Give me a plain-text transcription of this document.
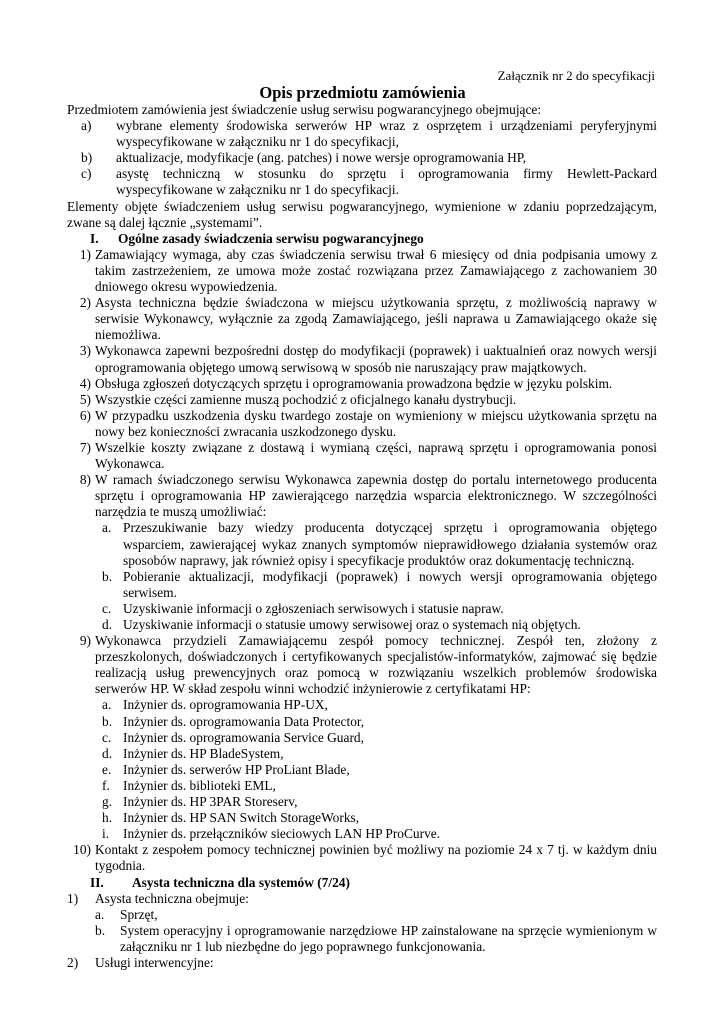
Załącznik nr 2 do specyfikacji
Opis przedmiotu zamówienia

Przedmiotem zamówienia jest świadczenie usług serwisu pogwarancyjnego obejmujące:

a) wybrane elementy środowiska serwerów HP wraz z osprzętem i urządzeniami peryferyjnymi wyspecyfikowane w załączniku nr 1 do specyfikacji,
b) aktualizacje, modyfikacje (ang. patches) i nowe wersje oprogramowania HP,
c) asystę techniczną w stosunku do sprzętu i oprogramowania firmy Hewlett-Packard wyspecyfikowane w załączniku nr 1 do specyfikacji.

Elementy objęte świadczeniem usług serwisu pogwarancyjnego, wymienione w zdaniu poprzedzającym, zwane są dalej łącznie „systemami”.

I. Ogólne zasady świadczenia serwisu pogwarancyjnego
1) Zamawiający wymaga, aby czas świadczenia serwisu trwał 6 miesięcy od dnia podpisania umowy z takim zastrzeżeniem, ze umowa może zostać rozwiązana przez Zamawiającego z zachowaniem 30 dniowego okresu wypowiedzenia.
2) Asysta techniczna będzie świadczona w miejscu użytkowania sprzętu, z możliwością naprawy w serwisie Wykonawcy, wyłącznie za zgodą Zamawiającego, jeśli naprawa u Zamawiającego okaże się niemożliwa.
3) Wykonawca zapewni bezpośredni dostęp do modyfikacji (poprawek) i uaktualnień oraz nowych wersji oprogramowania objętego umową serwisową w sposób nie naruszający praw majątkowych.
4) Obsługa zgłoszeń dotyczących sprzętu i oprogramowania prowadzona będzie w języku polskim.
5) Wszystkie części zamienne muszą pochodzić z oficjalnego kanału dystrybucji.
6) W przypadku uszkodzenia dysku twardego zostaje on wymieniony w miejscu użytkowania sprzętu na nowy bez konieczności zwracania uszkodzonego dysku.
7) Wszelkie koszty związane z dostawą i wymianą części, naprawą sprzętu i oprogramowania ponosi Wykonawca.
8) W ramach świadczonego serwisu Wykonawca zapewnia dostęp do portalu internetowego producenta sprzętu i oprogramowania HP zawierającego narzędzia wsparcia elektronicznego. W szczególności narzędzia te muszą umożliwiać:
a. Przeszukiwanie bazy wiedzy producenta dotyczącej sprzętu i oprogramowania objętego wsparciem, zawierającej wykaz znanych symptomów nieprawidłowego działania systemów oraz sposobów naprawy, jak również opisy i specyfikacje produktów oraz dokumentację techniczną.
b. Pobieranie aktualizacji, modyfikacji (poprawek) i nowych wersji oprogramowania objętego serwisem.
c. Uzyskiwanie informacji o zgłoszeniach serwisowych i statusie napraw.
d. Uzyskiwanie informacji o statusie umowy serwisowej oraz o systemach nią objętych.
9) Wykonawca przydzieli Zamawiającemu zespół pomocy technicznej. Zespół ten, złożony z przeszkolonych, doświadczonych i certyfikowanych specjalistów-informatyków, zajmować się będzie realizacją usług prewencyjnych oraz pomocą w rozwiązaniu wszelkich problemów środowiska serwerów HP. W skład zespołu winni wchodzić inżynierowie z certyfikatami HP:
a. Inżynier ds. oprogramowania HP-UX,
b. Inżynier ds. oprogramowania Data Protector,
c. Inżynier ds. oprogramowania Service Guard,
d. Inżynier ds. HP BladeSystem,
e. Inżynier ds. serwerów HP ProLiant Blade,
f. Inżynier ds. biblioteki EML,
g. Inżynier ds. HP 3PAR Storeserv,
h. Inżynier ds. HP SAN Switch StorageWorks,
i. Inżynier ds. przełączników sieciowych LAN HP ProCurve.
10) Kontakt z zespołem pomocy technicznej powinien być możliwy na poziomie 24 x 7 tj. w każdym dniu tygodnia.
II. Asysta techniczna dla systemów (7/24)
1) Asysta techniczna obejmuje:
a. Sprzęt,
b. System operacyjny i oprogramowanie narzędziowe HP zainstalowane na sprzęcie wymienionym w załączniku nr 1 lub niezbędne do jego poprawnego funkcjonowania.
2) Usługi interwencyjne:
